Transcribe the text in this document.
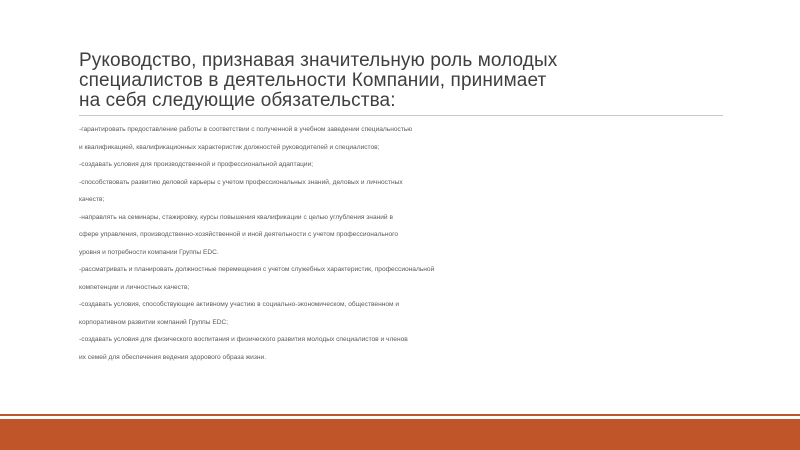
Руководство, признавая значительную роль молодых
специалистов в деятельности Компании, принимает
на себя следующие обязательства:
-гарантировать предоставление работы в соответствии с полученной в учебном заведении специальностью
и квалификацией, квалификационных характеристик должностей руководителей и специалистов;
-создавать условия для производственной и профессиональной адаптации;
-способствовать развитию деловой карьеры с учетом профессиональных знаний, деловых и личностных
качеств;
-направлять на семинары, стажировку, курсы повышения квалификации с целью углубления знаний в
сфере управления, производственно-хозяйственной и иной деятельности с учетом профессионального
уровня и потребности компании Группы EDC.
-рассматривать и планировать должностные перемещения с учетом служебных характеристик, профессиональной
компетенции и личностных качеств;
-создавать условия, способствующие активному участию в социально-экономическом, общественном и
корпоративном развитии компаний Группы EDC;
-создавать условия для физического воспитания и физического развития молодых специалистов и членов
их семей для обеспечения ведения здорового образа жизни.
